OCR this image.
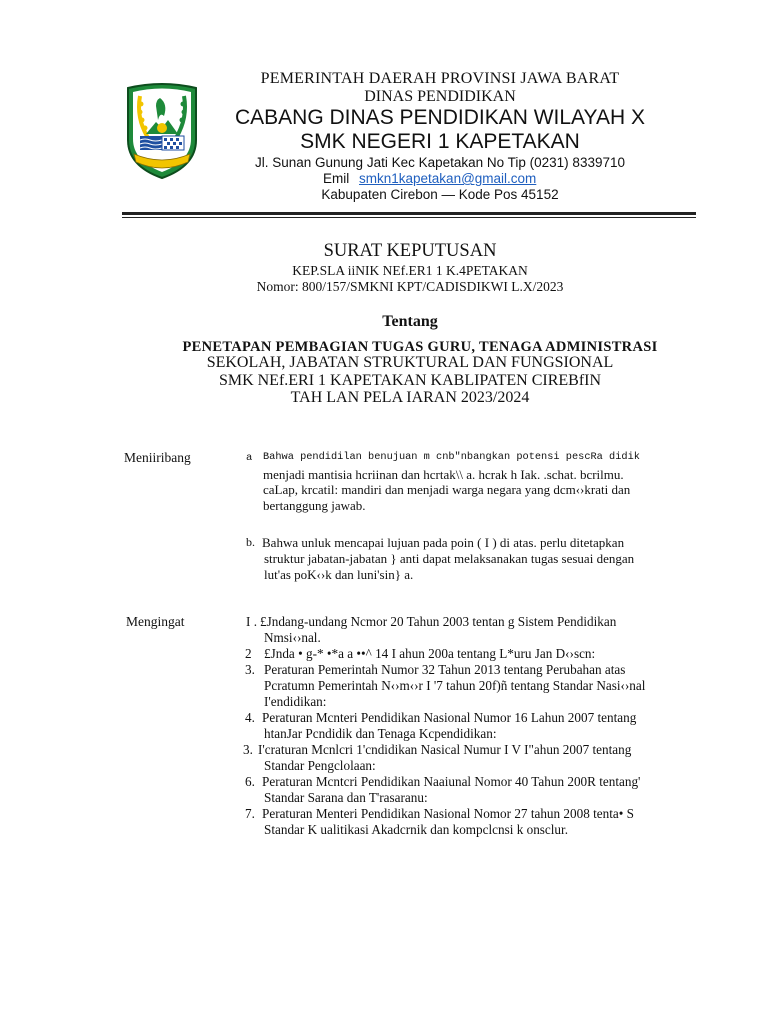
PEMERINTAH DAERAH PROVINSI JAWA BARAT
DINAS PENDIDIKAN
CABANG DINAS PENDIDIKAN WILAYAH X
SMK NEGERI 1 KAPETAKAN
Jl. Sunan Gunung Jati Kec Kapetakan No Tip (0231) 8339710
Emil smkn1kapetakan@gmail.com
Kabupaten Cirebon — Kode Pos 45152
SURAT KEPUTUSAN
KEP.SLA iiNIK NEf.ER1 1 K.4PETAKAN
Nomor: 800/157/SMKNI KPT/CADISDIKWI L.X/2023
Tentang
PENETAPAN PEMBAGIAN TUGAS GURU, TENAGA ADMINISTRASI
SEKOLAH, JABATAN STRUKTURAL DAN FUNGSIONAL
SMK NEf.ERI 1 KAPETAKAN KABLIPATEN CIREBfIN
TAH LAN PELA IARAN 2023/2024
Meniiribang	a Bahwa pendidilan benujuan m cnb"nbangkan potensi pescRa didik
menjadi mantisia hcriinan dan hcrtak\\ a. hcrak h Iak. .schat. bcrilmu.
caLap, krcatil: mandiri dan menjadi warga negara yang dcm‹›krati dan
bertanggung jawab.
b. Bahwa unluk mencapai lujuan pada poin ( I ) di atas. perlu ditetapkan
struktur jabatan-jabatan } anti dapat melaksanakan tugas sesuai dengan
lut'as poK‹›k dan luni'sin} a.
Mengingat	I . £Jndang-undang Ncmor 20 Tahun 2003 tentan g Sistem Pendidikan
Nmsi‹›nal.
2 £Jnda • g-* •*a a ••^ 14 I ahun 200a tentang L*uru Jan D‹›scn:
3. Peraturan Pemerintah Numor 32 Tahun 2013 tentang Perubahan atas
Pcratumn Pemerintah N‹›m‹›r I '7 tahun 20f)ñ tentang Standar Nasi‹›nal
I'endidikan:
4. Peraturan Mcnteri Pendidikan Nasional Numor 16 Lahun 2007 tentang
htanJar Pcndidik dan Tenaga Kcpendidikan:
3. I'craturan Mcnlcri 1'cndidikan Nasical Numur I V I"ahun 2007 tentang
Standar Pengclolaan:
6. Peraturan Mcntcri Pendidikan Naaiunal Nomor 40 Tahun 200R tentang'
Standar Sarana dan T'rasaranu:
7. Peraturan Menteri Pendidikan Nasional Nomor 27 tahun 2008 tenta• S
Standar K ualitikasi Akadcrnik dan kompclcnsi k onsclur.
